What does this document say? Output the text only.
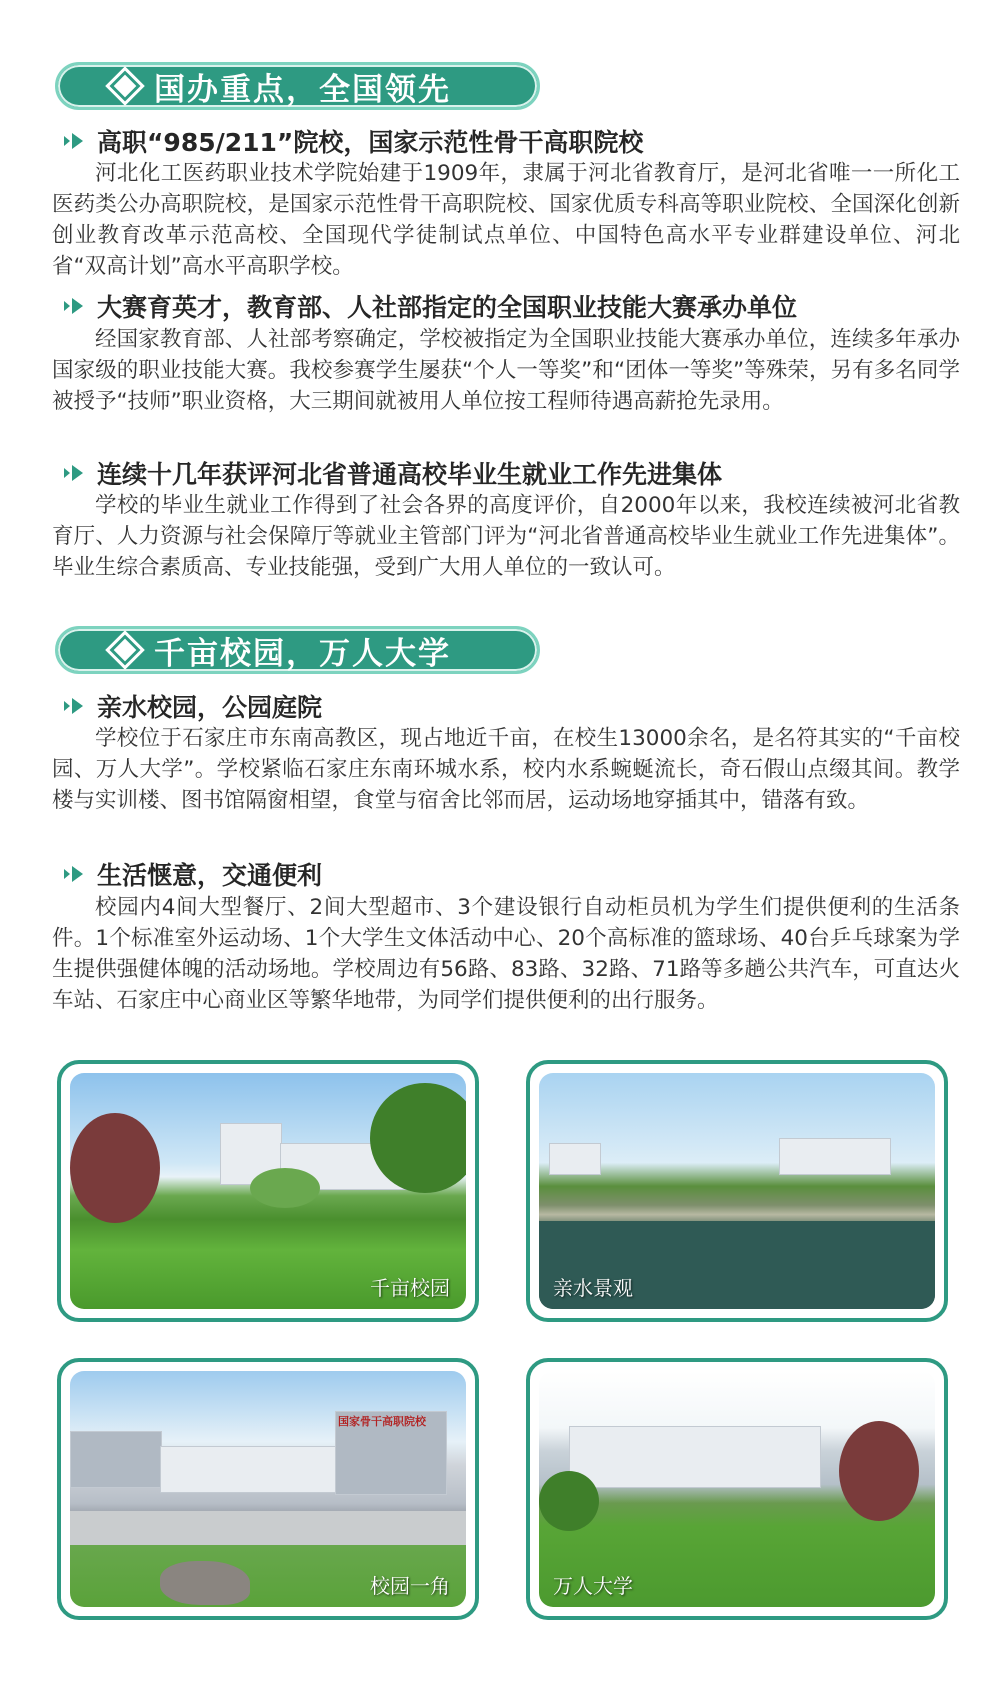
国办重点，全国领先
高职“985/211”院校，国家示范性骨干高职院校

河北化工医药职业技术学院始建于1909年，隶属于河北省教育厅，是河北省唯一一所化工医药类公办高职院校，是国家示范性骨干高职院校、国家优质专科高等职业院校、全国深化创新创业教育改革示范高校、全国现代学徒制试点单位、中国特色高水平专业群建设单位、河北省“双高计划”高水平高职学校。

大赛育英才，教育部、人社部指定的全国职业技能大赛承办单位

经国家教育部、人社部考察确定，学校被指定为全国职业技能大赛承办单位，连续多年承办国家级的职业技能大赛。我校参赛学生屡获“个人一等奖”和“团体一等奖”等殊荣，另有多名同学被授予“技师”职业资格，大三期间就被用人单位按工程师待遇高薪抢先录用。

连续十几年获评河北省普通高校毕业生就业工作先进集体

学校的毕业生就业工作得到了社会各界的高度评价，自2000年以来，我校连续被河北省教育厅、人力资源与社会保障厅等就业主管部门评为“河北省普通高校毕业生就业工作先进集体”。毕业生综合素质高、专业技能强，受到广大用人单位的一致认可。

千亩校园，万人大学
亲水校园，公园庭院

学校位于石家庄市东南高教区，现占地近千亩，在校生13000余名，是名符其实的“千亩校园、万人大学”。学校紧临石家庄东南环城水系，校内水系蜿蜒流长，奇石假山点缀其间。教学楼与实训楼、图书馆隔窗相望，食堂与宿舍比邻而居，运动场地穿插其中，错落有致。

生活惬意，交通便利

校园内4间大型餐厅、2间大型超市、3个建设银行自动柜员机为学生们提供便利的生活条件。1个标准室外运动场、1个大学生文体活动中心、20个高标准的篮球场、40台乒乓球案为学生提供强健体魄的活动场地。学校周边有56路、83路、32路、71路等多趟公共汽车，可直达火车站、石家庄中心商业区等繁华地带，为同学们提供便利的出行服务。

千亩校园	亲水景观
国家骨干高职院校
校园一角	万人大学
